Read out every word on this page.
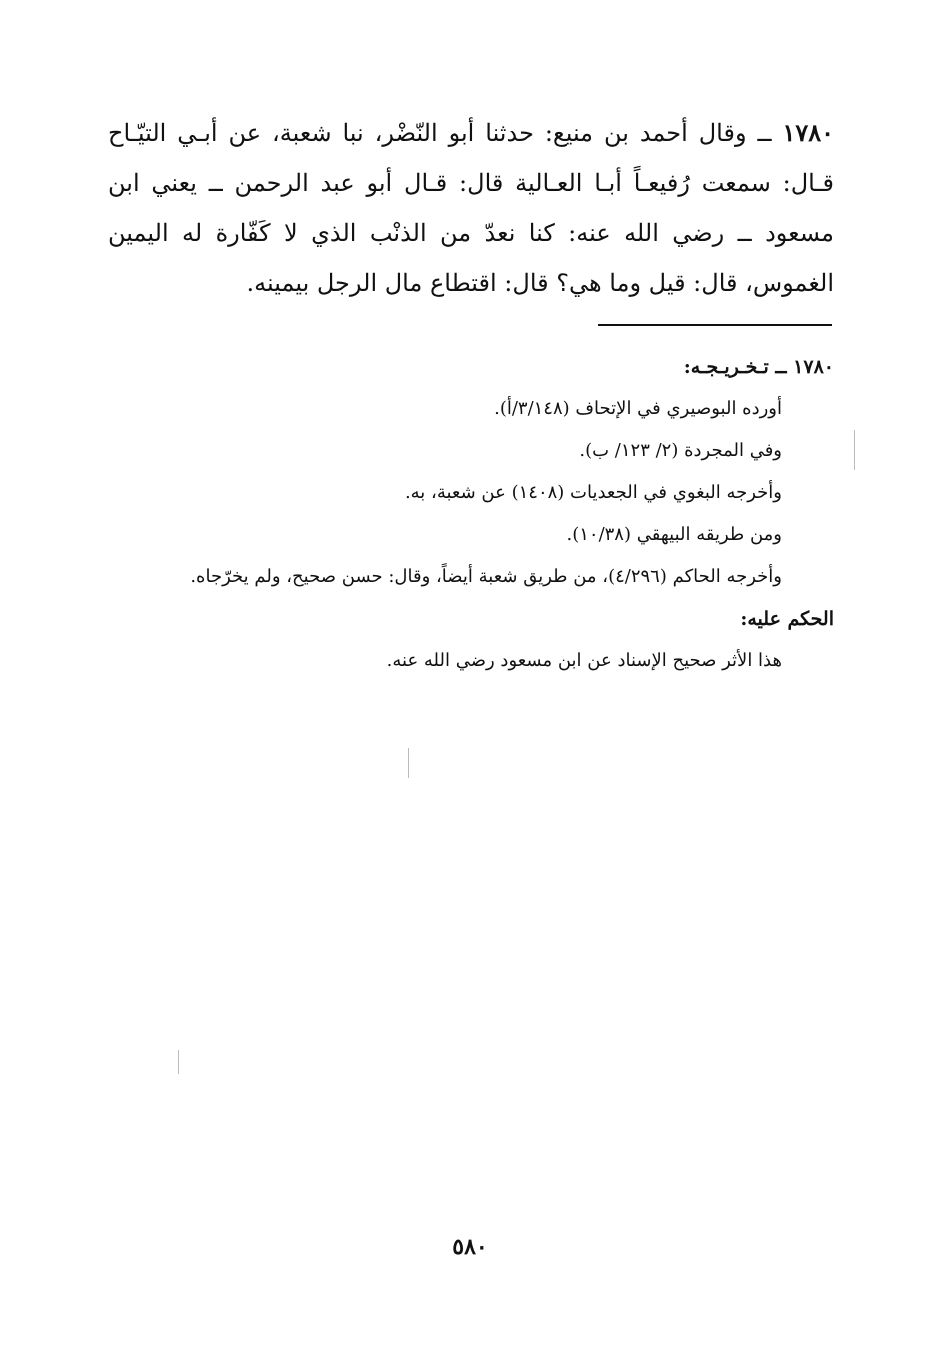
١٧٨٠ ــ وقال أحمد بن منيع: حدثنا أبو النّضْر، نبا شعبة، عن أبـي التيّـاح قـال: سمعت رُفيعـاً أبـا العـالية قال: قـال أبو عبد الرحمن ــ يعني ابن مسعود ــ رضي الله عنه: كنا نعدّ من الذنْب الذي لا كَفّارة له اليمين الغموس، قال: قيل وما هي؟ قال: اقتطاع مال الرجل بيمينه.

١٧٨٠ ــ تـخـريـجـه:
أورده البوصيري في الإتحاف (٣/١٤٨/أ).
وفي المجردة (٢/ ١٢٣/ ب).
وأخرجه البغوي في الجعديات (١٤٠٨) عن شعبة، به.
ومن طريقه البيهقي (١٠/٣٨).
وأخرجه الحاكم (٤/٢٩٦)، من طريق شعبة أيضاً، وقال: حسن صحيح، ولم يخرّجاه.
الحكم عليه:
هذا الأثر صحيح الإسناد عن ابن مسعود رضي الله عنه.
٥٨٠
